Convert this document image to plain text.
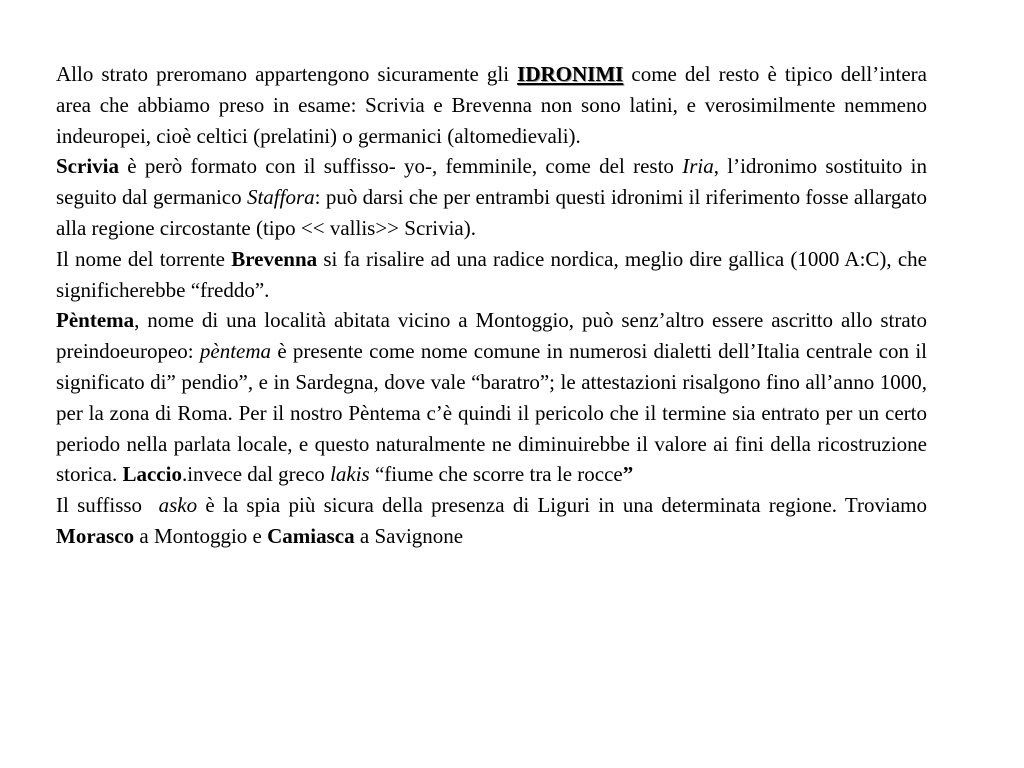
Allo strato preromano appartengono sicuramente gli IDRONIMI come del resto è tipico dell’intera area che abbiamo preso in esame: Scrivia e Brevenna non sono latini, e verosimilmente nemmeno indeuropei, cioè celtici (prelatini) o germanici (altomedievali).

Scrivia è però formato con il suffisso- yo-, femminile, come del resto Iria, l’idronimo sostituito in seguito dal germanico Staffora: può darsi che per entrambi questi idronimi il riferimento fosse allargato alla regione circostante (tipo << vallis>> Scrivia).

Il nome del torrente Brevenna si fa risalire ad una radice nordica, meglio dire gallica (1000 A:C), che significherebbe “freddo”.

Pèntema, nome di una località abitata vicino a Montoggio, può senz’altro essere ascritto allo strato preindoeuropeo: pèntema è presente come nome comune in numerosi dialetti dell’Italia centrale con il significato di” pendio”, e in Sardegna, dove vale “baratro”; le attestazioni risalgono fino all’anno 1000, per la zona di Roma. Per il nostro Pèntema c’è quindi il pericolo che il termine sia entrato per un certo periodo nella parlata locale, e questo naturalmente ne diminuirebbe il valore ai fini della ricostruzione storica. Laccio.invece dal greco lakis “fiume che scorre tra le rocce”

Il suffisso  asko è la spia più sicura della presenza di Liguri in una determinata regione. Troviamo Morasco a Montoggio e Camiasca a Savignone
